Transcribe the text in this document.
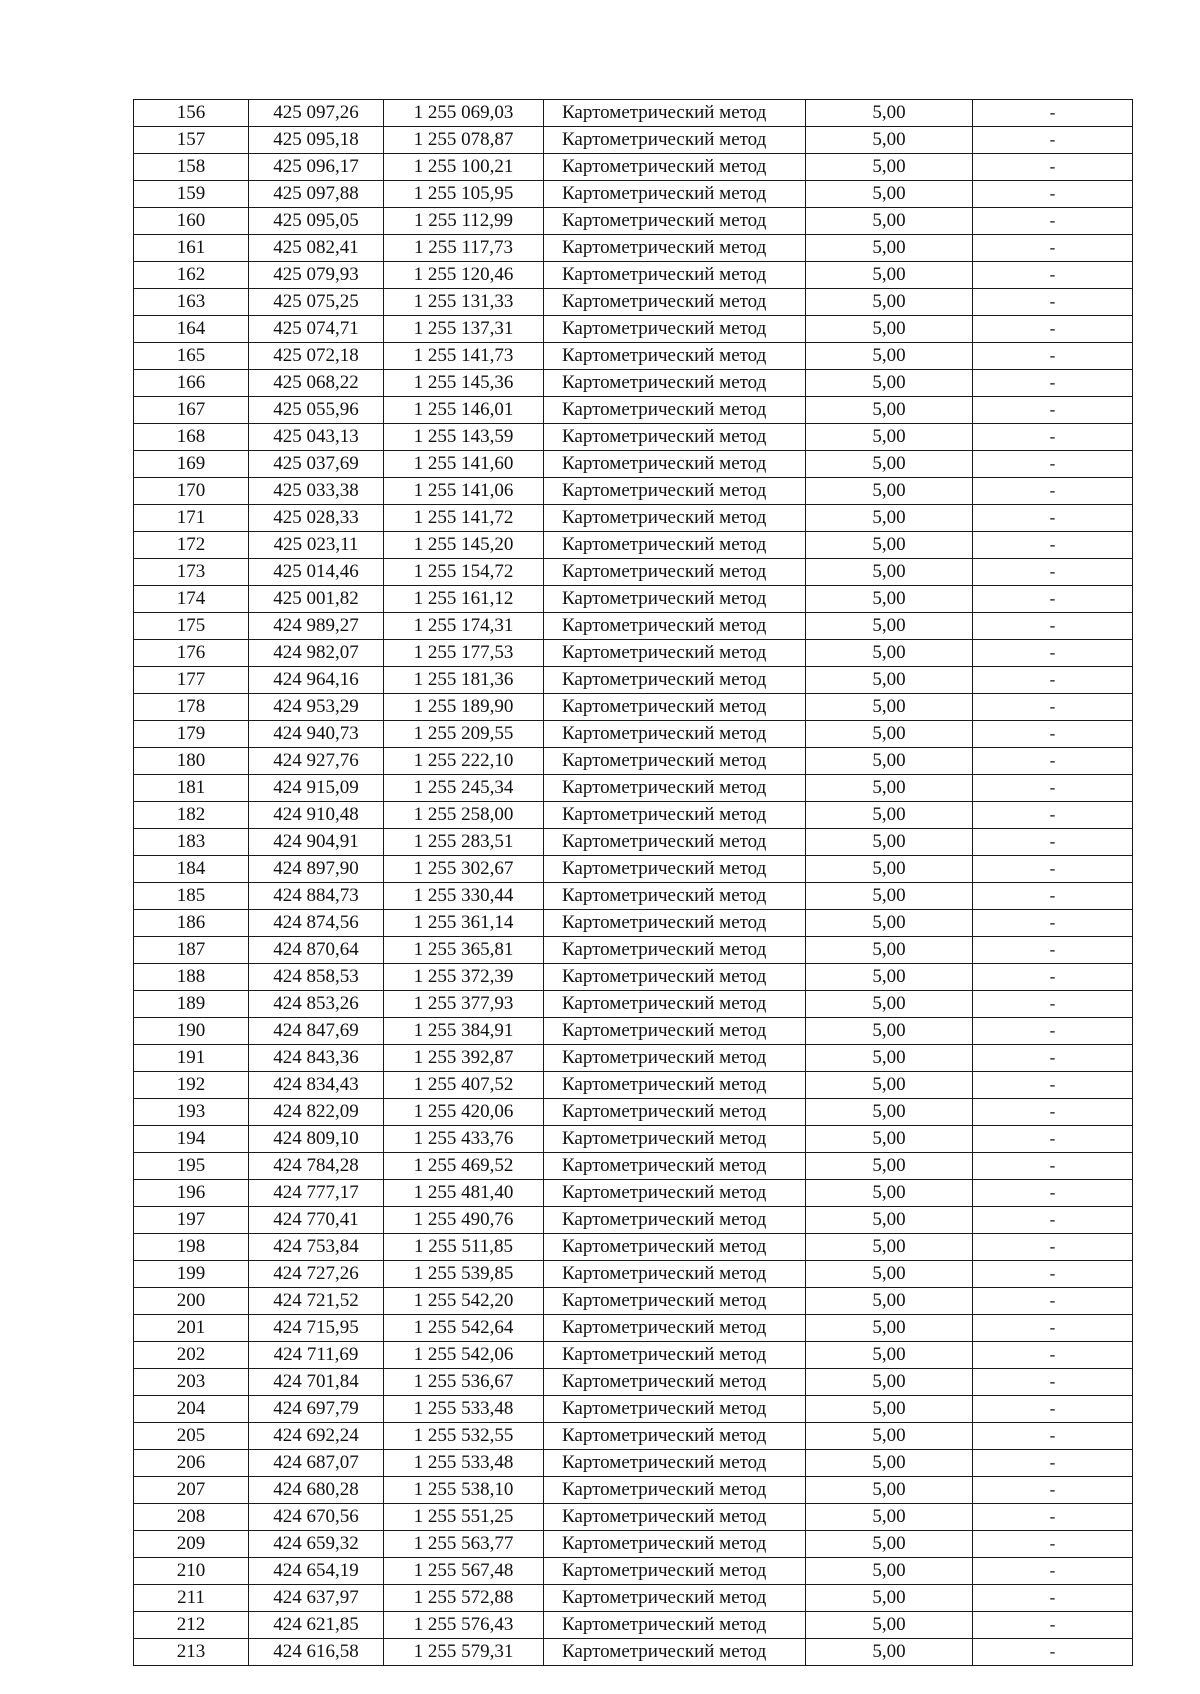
156	425 097,26	1 255 069,03	Картометрический метод	5,00	-
157	425 095,18	1 255 078,87	Картометрический метод	5,00	-
158	425 096,17	1 255 100,21	Картометрический метод	5,00	-
159	425 097,88	1 255 105,95	Картометрический метод	5,00	-
160	425 095,05	1 255 112,99	Картометрический метод	5,00	-
161	425 082,41	1 255 117,73	Картометрический метод	5,00	-
162	425 079,93	1 255 120,46	Картометрический метод	5,00	-
163	425 075,25	1 255 131,33	Картометрический метод	5,00	-
164	425 074,71	1 255 137,31	Картометрический метод	5,00	-
165	425 072,18	1 255 141,73	Картометрический метод	5,00	-
166	425 068,22	1 255 145,36	Картометрический метод	5,00	-
167	425 055,96	1 255 146,01	Картометрический метод	5,00	-
168	425 043,13	1 255 143,59	Картометрический метод	5,00	-
169	425 037,69	1 255 141,60	Картометрический метод	5,00	-
170	425 033,38	1 255 141,06	Картометрический метод	5,00	-
171	425 028,33	1 255 141,72	Картометрический метод	5,00	-
172	425 023,11	1 255 145,20	Картометрический метод	5,00	-
173	425 014,46	1 255 154,72	Картометрический метод	5,00	-
174	425 001,82	1 255 161,12	Картометрический метод	5,00	-
175	424 989,27	1 255 174,31	Картометрический метод	5,00	-
176	424 982,07	1 255 177,53	Картометрический метод	5,00	-
177	424 964,16	1 255 181,36	Картометрический метод	5,00	-
178	424 953,29	1 255 189,90	Картометрический метод	5,00	-
179	424 940,73	1 255 209,55	Картометрический метод	5,00	-
180	424 927,76	1 255 222,10	Картометрический метод	5,00	-
181	424 915,09	1 255 245,34	Картометрический метод	5,00	-
182	424 910,48	1 255 258,00	Картометрический метод	5,00	-
183	424 904,91	1 255 283,51	Картометрический метод	5,00	-
184	424 897,90	1 255 302,67	Картометрический метод	5,00	-
185	424 884,73	1 255 330,44	Картометрический метод	5,00	-
186	424 874,56	1 255 361,14	Картометрический метод	5,00	-
187	424 870,64	1 255 365,81	Картометрический метод	5,00	-
188	424 858,53	1 255 372,39	Картометрический метод	5,00	-
189	424 853,26	1 255 377,93	Картометрический метод	5,00	-
190	424 847,69	1 255 384,91	Картометрический метод	5,00	-
191	424 843,36	1 255 392,87	Картометрический метод	5,00	-
192	424 834,43	1 255 407,52	Картометрический метод	5,00	-
193	424 822,09	1 255 420,06	Картометрический метод	5,00	-
194	424 809,10	1 255 433,76	Картометрический метод	5,00	-
195	424 784,28	1 255 469,52	Картометрический метод	5,00	-
196	424 777,17	1 255 481,40	Картометрический метод	5,00	-
197	424 770,41	1 255 490,76	Картометрический метод	5,00	-
198	424 753,84	1 255 511,85	Картометрический метод	5,00	-
199	424 727,26	1 255 539,85	Картометрический метод	5,00	-
200	424 721,52	1 255 542,20	Картометрический метод	5,00	-
201	424 715,95	1 255 542,64	Картометрический метод	5,00	-
202	424 711,69	1 255 542,06	Картометрический метод	5,00	-
203	424 701,84	1 255 536,67	Картометрический метод	5,00	-
204	424 697,79	1 255 533,48	Картометрический метод	5,00	-
205	424 692,24	1 255 532,55	Картометрический метод	5,00	-
206	424 687,07	1 255 533,48	Картометрический метод	5,00	-
207	424 680,28	1 255 538,10	Картометрический метод	5,00	-
208	424 670,56	1 255 551,25	Картометрический метод	5,00	-
209	424 659,32	1 255 563,77	Картометрический метод	5,00	-
210	424 654,19	1 255 567,48	Картометрический метод	5,00	-
211	424 637,97	1 255 572,88	Картометрический метод	5,00	-
212	424 621,85	1 255 576,43	Картометрический метод	5,00	-
213	424 616,58	1 255 579,31	Картометрический метод	5,00	-
